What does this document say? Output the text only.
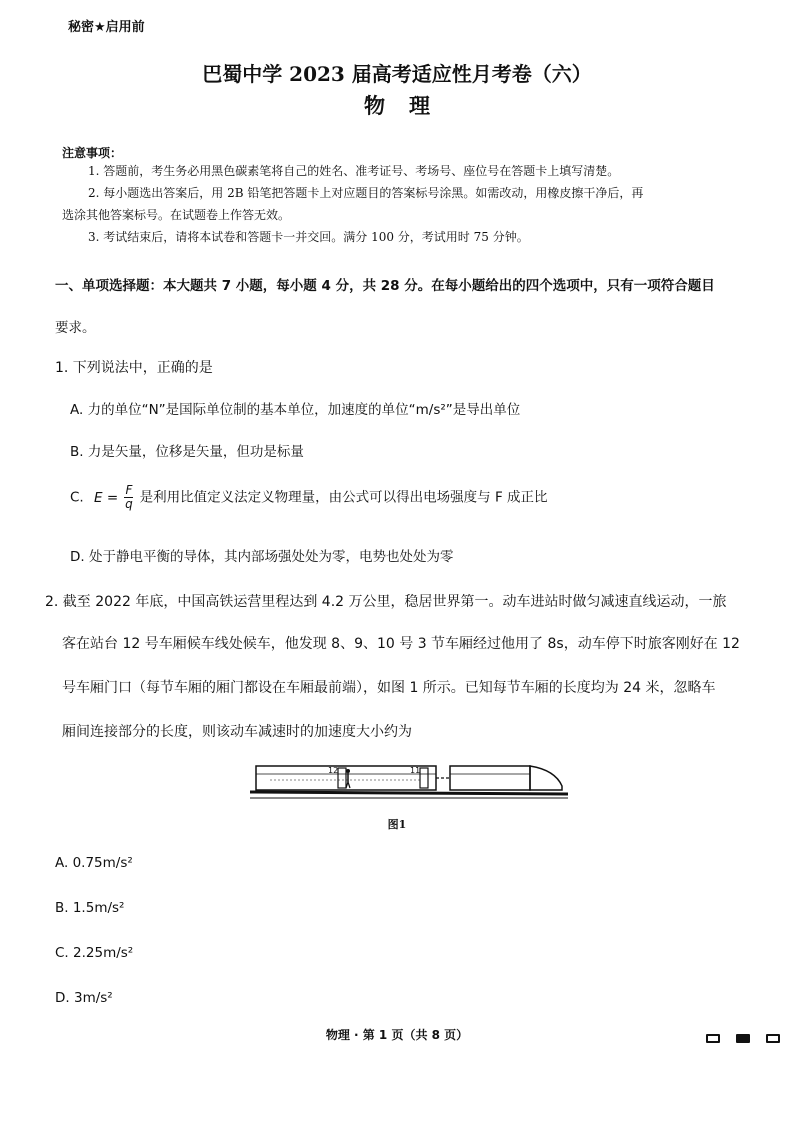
秘密★启用前
巴蜀中学 2023 届高考适应性月考卷（六）
物理
注意事项：
1. 答题前，考生务必用黑色碳素笔将自己的姓名、准考证号、考场号、座位号在答题卡上填写清楚。
2. 每小题选出答案后，用 2B 铅笔把答题卡上对应题目的答案标号涂黑。如需改动，用橡皮擦干净后，再
选涂其他答案标号。在试题卷上作答无效。
3. 考试结束后，请将本试卷和答题卡一并交回。满分 100 分，考试用时 75 分钟。
一、单项选择题：本大题共 7 小题，每小题 4 分，共 28 分。在每小题给出的四个选项中，只有一项符合题目
要求。
1. 下列说法中，正确的是
A. 力的单位“N”是国际单位制的基本单位，加速度的单位“m/s²”是导出单位
B. 力是矢量，位移是矢量，但功是标量
C. $E = \frac{F}{q}$ 是利用比值定义法定义物理量，由公式可以得出电场强度与 F 成正比
D. 处于静电平衡的导体，其内部场强处处为零，电势也处处为零
2. 截至 2022 年底，中国高铁运营里程达到 4.2 万公里，稳居世界第一。动车进站时做匀减速直线运动，一旅
客在站台 12 号车厢候车线处候车，他发现 8、9、10 号 3 节车厢经过他用了 8s，动车停下时旅客刚好在 12
号车厢门口（每节车厢的厢门都设在车厢最前端），如图 1 所示。已知每节车厢的长度均为 24 米，忽略车
厢间连接部分的长度，则该动车减速时的加速度大小约为
12	11
图1
A. 0.75m/s²
B. 1.5m/s²
C. 2.25m/s²
D. 3m/s²
物理 · 第 1 页（共 8 页）
